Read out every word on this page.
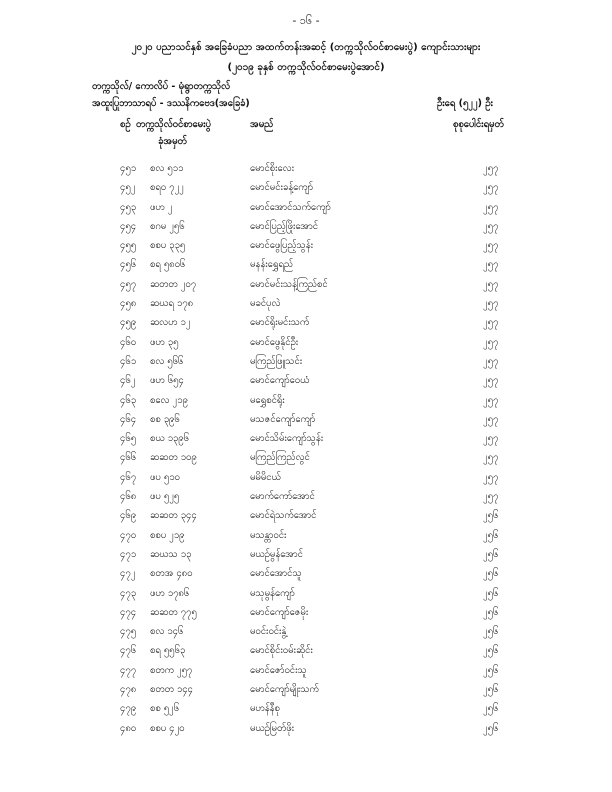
- ၁၆ -
၂၀၂၀ ပညာသင်နှစ် အခြေခံပညာ အထက်တန်းအဆင့် (တက္ကသိုလ်ဝင်စာမေးပွဲ) ကျောင်းသားများ
(၂၀၁၉ ခုနှစ် တက္ကသိုလ်ဝင်စာမေးပွဲအောင်)
တက္ကသိုလ်/ ကောလိပ် - မုံရွာတက္ကသိုလ်
အထူးပြုဘာသာရပ် - ဒဿနိကဗေဒ(အခြေခံ)	ဦးရေ (၅၂၂) ဦး
စဉ် တက္ကသိုလ်ဝင်စာမေးပွဲ
ခုံအမှတ်
အမည်	စုစုပေါင်းရမှတ်
၄၅၁ စလ ၅၁၁	မောင်စိုးလေး	၂၅၇
၄၅၂ စရဝ ၇၂၂	မောင်မင်းခန့်ကျော်	၂၅၇
၄၅၃ ဖဟ ၂	မောင်အောင်သက်ကျော်	၂၅၇
၄၅၄ စဂမ ၂၅၆	မောင်ပြည့်ဖြိုးအောင်	၂၅၇
၄၅၅ စစပ ၃၃၅	မောင်ဖွေပြည့်သွန်း	၂၅၇
၄၅၆ စရ ၅၈၀၆	မနန်းရွှေရည်	၂၅၇
၄၅၇ ဆတတ ၂၀၇	မောင်မင်းသန့်ကြည်စင်	၂၅၇
၄၅၈ ဆဃရ ၁၇၈	မခင်ပုလဲ	၂၅၇
၄၅၉ ဆလဟ ၁၂	မောင်ရိုးမင်းသက်	၂၅၇
၄၆၀ ဖဟ ၃၅	မောင်ဖွေနိုင်ဦး	၂၅၇
၄၆၁ စလ ၅၆၆	မကြည်ဖြူသင်း	၂၅၇
၄၆၂ ဖဟ ၆၅၄	မောင်ကျော်ဝေယံ	၂၅၇
၄၆၃ စလေ ၂၁၉	မရွှေစင်ရိုး	၂၅၇
၄၆၄ စစ ၃၉၆	မသဇင်ကျော်ကျော်	၂၅၇
၄၆၅ စယ ၁၃၉၆	မောင်သိမ်းကျော်သွန်း	၂၅၇
၄၆၆ ဆဆတ ၁၀၉	မကြည်ကြည်လွင်	၂၅၇
၄၆၇ ဖပ ၅၁၀	မမိမိငယ်	၂၅၇
၄၆၈ ဖပ ၅၂၅	မောက်ကော်အောင်	၂၅၇
၄၆၉ ဆဆတ ၃၄၄	မောင်ရဲသက်အောင်	၂၅၆
၄၇၀ စစပ ၂၁၉	မသန္တာဝင်း	၂၅၆
၄၇၁ ဆဃသ ၁၃	မယဉ်မွန်အောင်	၂၅၆
၄၇၂ စတအ ၄၈၀	မောင်အောင်သူ	၂၅၆
၄၇၃ ဖဟ ၁၇၈၆	မသုမွန်ကျော်	၂၅၆
၄၇၄ ဆဆတ ၇၇၅	မောင်ကျော်ဇေမိုး	၂၅၆
၄၇၅ စလ ၁၄၆	မဝင်းဝင်းနွဲ့	၂၅၆
၄၇၆ စရ ၅၅၆၃	မောင်စိုင်းဝမ်းဆိုင်း	၂၅၆
၄၇၇ စတက ၂၅၇	မောင်ဇော်ဝင်းသူ	၂၅၆
၄၇၈ စတတ ၁၄၄	မောင်ကျော်မျိုးသက်	၂၅၆
၄၇၉ စစ ၅၂၆	မဟန်နီစု	၂၅၆
၄၈၀ စစပ ၄၂၀	မယဉ်မြတ်ဖိုး	၂၅၆
